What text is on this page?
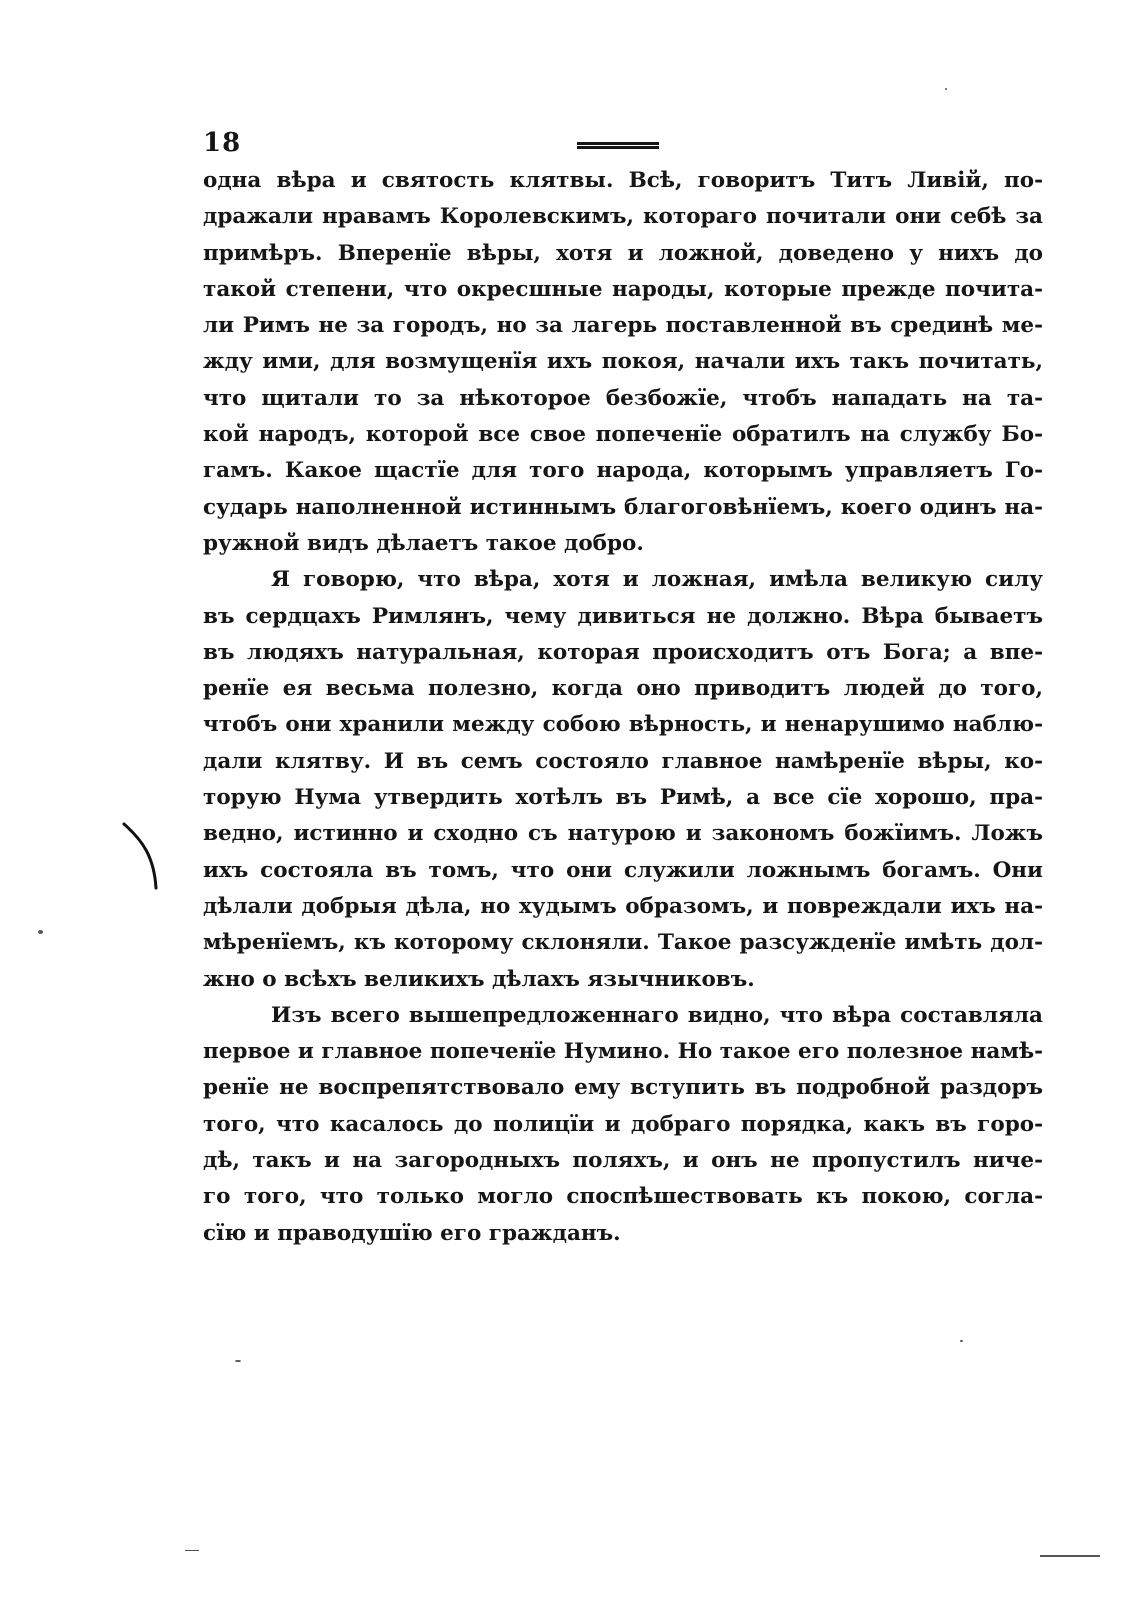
18
одна вѣра и святость клятвы. Всѣ, говоритъ Титъ Ливій, по-
дражали нравамъ Королевскимъ, котораго почитали они себѣ за
примѣръ. Вперенїе вѣры, хотя и ложной, доведено у нихъ до
такой степени, что окресшные народы, которые прежде почита-
ли Римъ не за городъ, но за лагерь поставленной въ срединѣ ме-
жду ими, для возмущенїя ихъ покоя, начали ихъ такъ почитать,
что щитали то за нѣкоторое безбожїе, чтобъ нападать на та-
кой народъ, которой все свое попеченїе обратилъ на службу Бо-
гамъ. Какое щастїе для того народа, которымъ управляетъ Го-
сударь наполненной истиннымъ благоговѣнїемъ, коего одинъ на-
ружной видъ дѣлаетъ такое добро.
Я говорю, что вѣра, хотя и ложная, имѣла великую силу
въ сердцахъ Римлянъ, чему дивиться не должно. Вѣра бываетъ
въ людяхъ натуральная, которая происходитъ отъ Бога; а впе-
ренїе ея весьма полезно, когда оно приводитъ людей до того,
чтобъ они хранили между собою вѣрность, и ненарушимо наблю-
дали клятву. И въ семъ состояло главное намѣренїе вѣры, ко-
торую Нума утвердить хотѣлъ въ Римѣ, а все сїе хорошо, пра-
ведно, истинно и сходно съ натурою и закономъ божїимъ. Ложъ
ихъ состояла въ томъ, что они служили ложнымъ богамъ. Они
дѣлали добрыя дѣла, но худымъ образомъ, и повреждали ихъ на-
мѣренїемъ, къ которому склоняли. Такое разсужденїе имѣть дол-
жно о всѣхъ великихъ дѣлахъ язычниковъ.
Изъ всего вышепредложеннаго видно, что вѣра составляла
первое и главное попеченїе Нумино. Но такое его полезное намѣ-
ренїе не воспрепятствовало ему вступить въ подробной раздоръ
того, что касалось до полицїи и добраго порядка, какъ въ горо-
дѣ, такъ и на загородныхъ поляхъ, и онъ не пропустилъ ниче-
го того, что только могло споспѣшествовать къ покою, согла-
сїю и праводушїю его гражданъ.
